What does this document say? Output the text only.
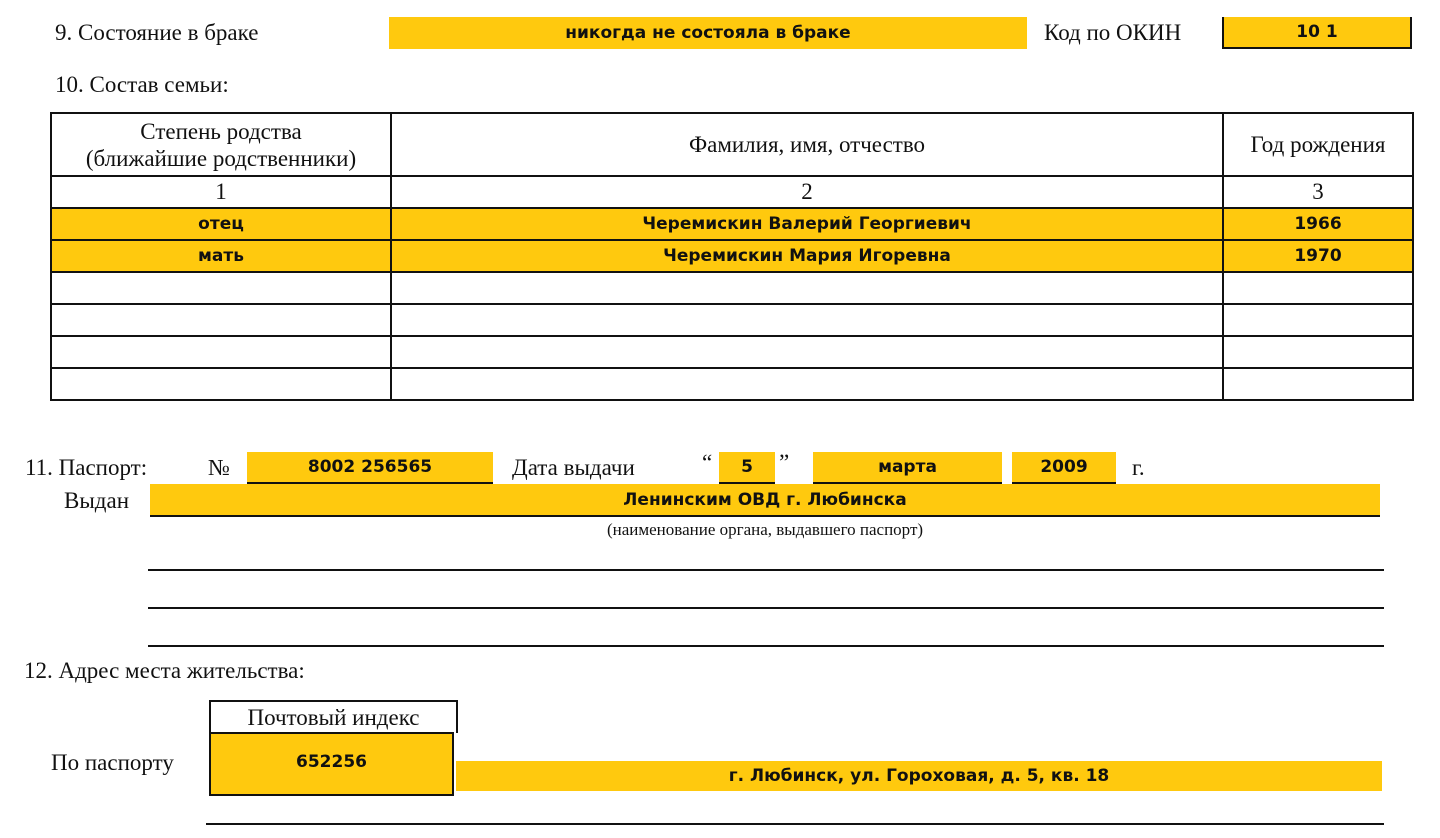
9. Состояние в браке	никогда не состояла в браке	Код по ОКИН	10 1
10. Состав семьи:
Степень родства
(ближайшие родственники)	Фамилия, имя, отчество	Год рождения
1	2	3
отец	Черемискин Валерий Георгиевич	1966
мать	Черемискин Мария Игоревна	1970

11. Паспорт:	№	8002 256565	Дата выдачи	“	5	”	марта	2009	г.
Выдан	Ленинским ОВД г. Любинска
(наименование органа, выдавшего паспорт)
12. Адрес места жительства:
Почтовый индекс
652256
По паспорту
г. Любинск, ул. Гороховая, д. 5, кв. 18
